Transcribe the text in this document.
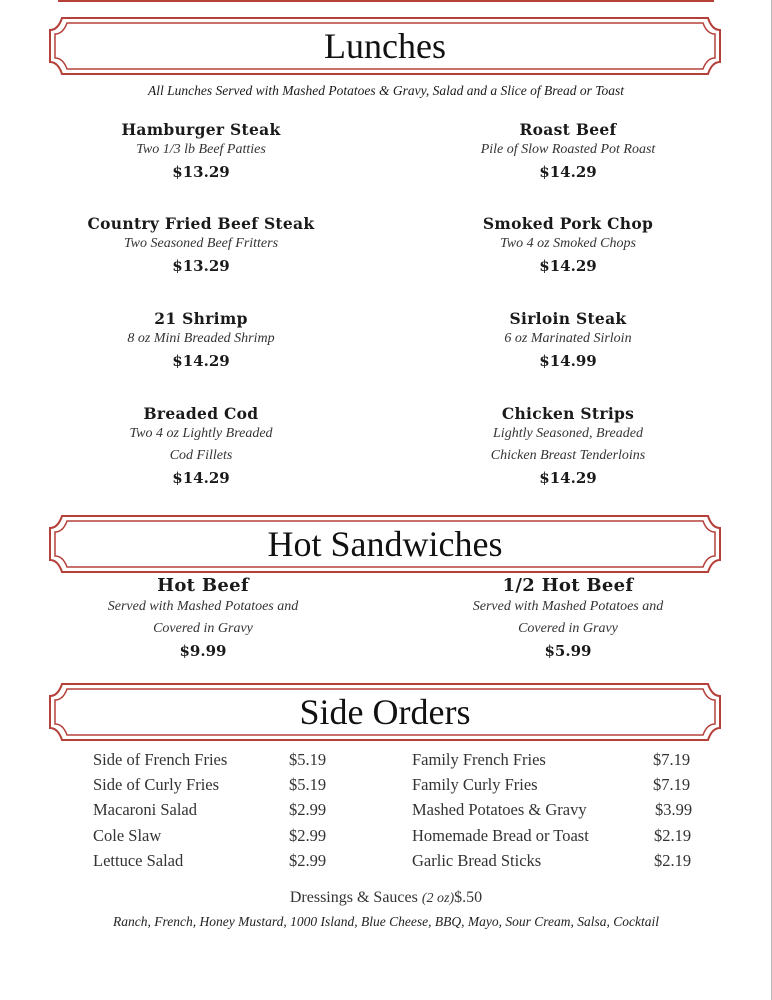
Lunches
All Lunches Served with Mashed Potatoes & Gravy, Salad and a Slice of Bread or Toast
Hamburger Steak
Two 1/3 lb Beef Patties
$13.29
Roast Beef
Pile of Slow Roasted Pot Roast
$14.29
Country Fried Beef Steak
Two Seasoned Beef Fritters
$13.29
Smoked Pork Chop
Two 4 oz Smoked Chops
$14.29
21 Shrimp
8 oz Mini Breaded Shrimp
$14.29
Sirloin Steak
6 oz Marinated Sirloin
$14.99
Breaded Cod
Two 4 oz Lightly Breaded
Cod Fillets
$14.29
Chicken Strips
Lightly Seasoned, Breaded
Chicken Breast Tenderloins
$14.29
Hot Sandwiches
Hot Beef
Served with Mashed Potatoes and
Covered in Gravy
$9.99
1/2 Hot Beef
Served with Mashed Potatoes and
Covered in Gravy
$5.99
Side Orders
Side of French Fries	$5.19
Side of Curly Fries	$5.19
Macaroni Salad	$2.99
Cole Slaw	$2.99
Lettuce Salad	$2.99
Family French Fries	$7.19
Family Curly Fries	$7.19
Mashed Potatoes & Gravy	$3.99
Homemade Bread or Toast	$2.19
Garlic Bread Sticks	$2.19
Dressings & Sauces (2 oz)$.50
Ranch, French, Honey Mustard, 1000 Island, Blue Cheese, BBQ, Mayo, Sour Cream, Salsa, Cocktail
